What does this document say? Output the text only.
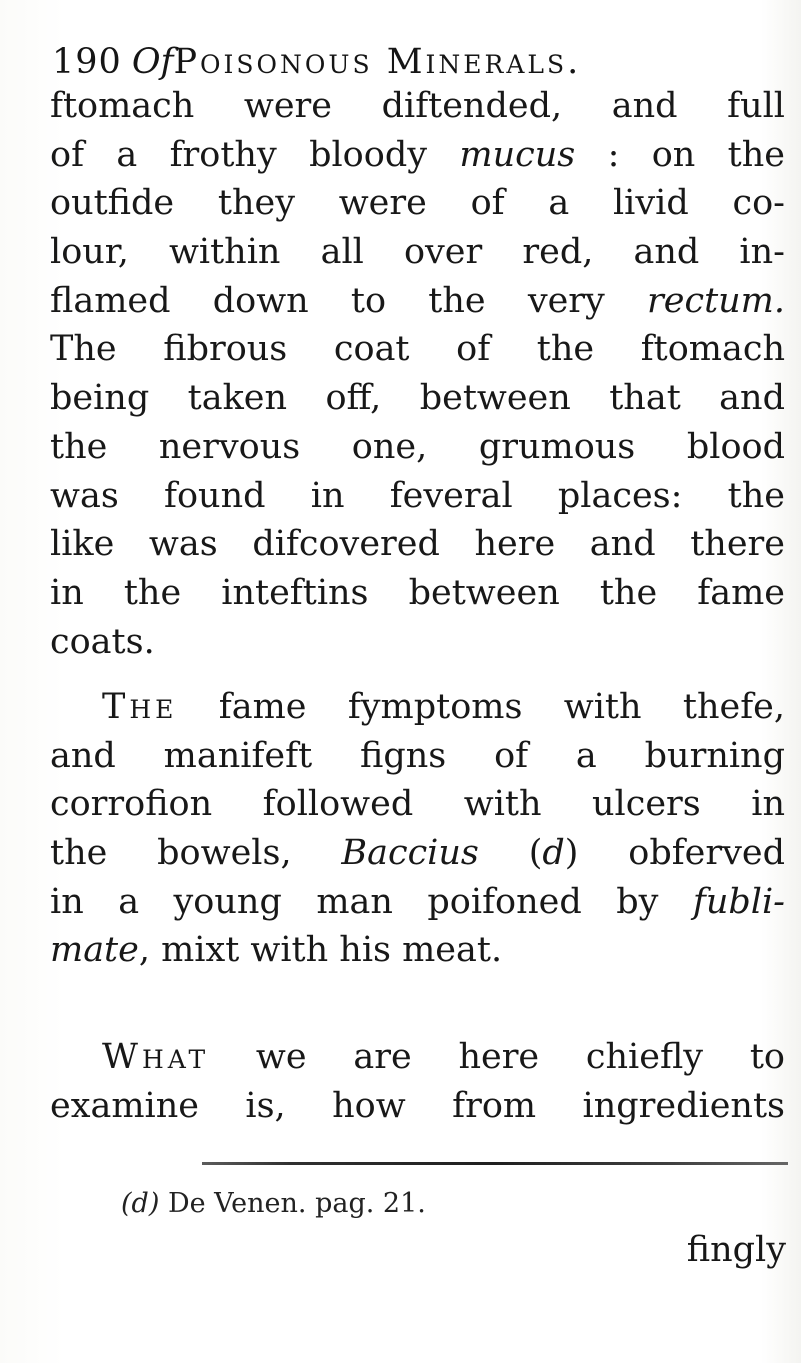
190 OfPoisonous Minerals.
ftomach were diftended, and full
of a frothy bloody mucus : on the
outfide they were of a livid co-
lour, within all over red, and in-
flamed down to the very rectum.
The fibrous coat of the ftomach
being taken off, between that and
the nervous one, grumous blood
was found in feveral places: the
like was difcovered here and there
in the inteftins between the fame
coats.
The fame fymptoms with thefe,
and manifeft figns of a burning
corrofion followed with ulcers in
the bowels, Baccius (d) obferved
in a young man poifoned by fubli-
mate, mixt with his meat.
What we are here chiefly to
examine is, how from ingredients
(d) De Venen. pag. 21.
fingly
